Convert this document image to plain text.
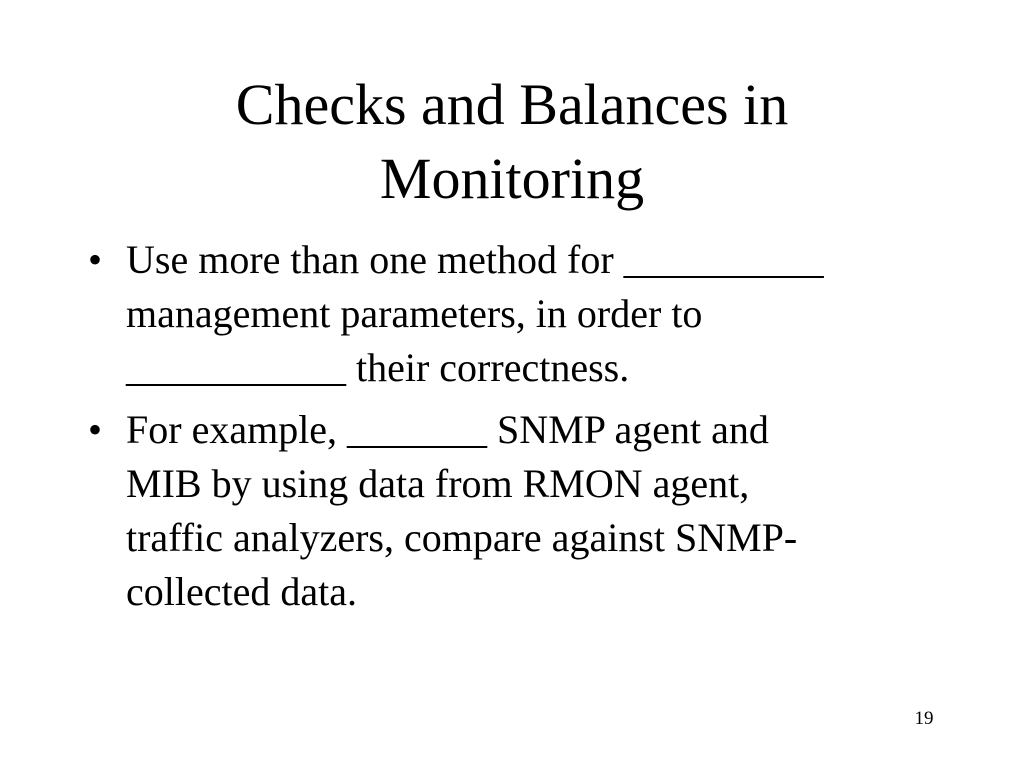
Checks and Balances in
Monitoring
• Use more than one method for __________
management parameters, in order to
___________ their correctness.
• For example, _______ SNMP agent and
MIB by using data from RMON agent,
traffic analyzers, compare against SNMP-
collected data.
19
